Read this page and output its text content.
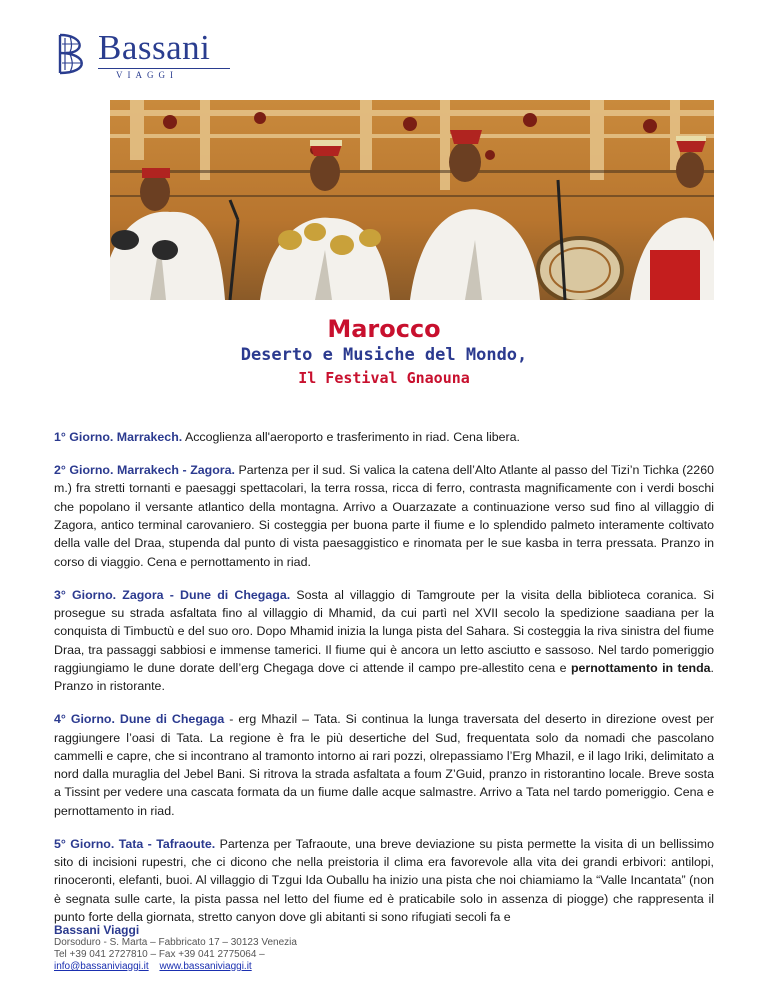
Bassani
VIAGGI
Marocco
Deserto e Musiche del Mondo,
Il Festival Gnaouna

1° Giorno. Marrakech. Accoglienza all'aeroporto e trasferimento in riad. Cena libera.

2° Giorno. Marrakech - Zagora. Partenza per il sud. Si valica la catena dell’Alto Atlante al passo del Tizi’n Tichka (2260 m.) fra stretti tornanti e paesaggi spettacolari, la terra rossa, ricca di ferro, contrasta magnificamente con i verdi boschi che popolano il versante atlantico della montagna. Arrivo a Ouarzazate a continuazione verso sud fino al villaggio di Zagora, antico terminal carovaniero. Si costeggia per buona parte il fiume e lo splendido palmeto interamente coltivato della valle del Draa, stupenda dal punto di vista paesaggistico e rinomata per le sue kasba in terra pressata. Pranzo in corso di viaggio. Cena e pernottamento in riad.

3° Giorno. Zagora - Dune di Chegaga. Sosta al villaggio di Tamgroute per la visita della biblioteca coranica. Si prosegue su strada asfaltata fino al villaggio di Mhamid, da cui partì nel XVII secolo la spedizione saadiana per la conquista di Timbuctù e del suo oro. Dopo Mhamid inizia la lunga pista del Sahara. Si costeggia la riva sinistra del fiume Draa, tra passaggi sabbiosi e immense tamerici. Il fiume qui è ancora un letto asciutto e sassoso. Nel tardo pomeriggio raggiungiamo le dune dorate dell’erg Chegaga dove ci attende il campo pre-allestito cena e pernottamento in tenda. Pranzo in ristorante.

4° Giorno. Dune di Chegaga - erg Mhazil – Tata. Si continua la lunga traversata del deserto in direzione ovest per raggiungere l’oasi di Tata. La regione è fra le più desertiche del Sud, frequentata solo da nomadi che pascolano cammelli e capre, che si incontrano al tramonto intorno ai rari pozzi, olrepassiamo l’Erg Mhazil, e il lago Iriki, delimitato a nord dalla muraglia del Jebel Bani. Si ritrova la strada asfaltata a foum Z’Guid, pranzo in ristorantino locale. Breve sosta a Tissint per vedere una cascata formata da un fiume dalle acque salmastre. Arrivo a Tata nel tardo pomeriggio. Cena e pernottamento in riad.

5° Giorno. Tata - Tafraoute. Partenza per Tafraoute, una breve deviazione su pista permette la visita di un bellissimo sito di incisioni rupestri, che ci dicono che nella preistoria il clima era favorevole alla vita dei grandi erbivori: antilopi, rinoceronti, elefanti, buoi. Al villaggio di Tzgui Ida Ouballu ha inizio una pista che noi chiamiamo la “Valle Incantata” (non è segnata sulle carte, la pista passa nel letto del fiume ed è praticabile solo in assenza di piogge) che rappresenta il punto forte della giornata, stretto canyon dove gli abitanti si sono rifugiati secoli fa e

Bassani Viaggi
Dorsoduro - S. Marta – Fabbricato 17 – 30123 Venezia
Tel +39 041 2727810 – Fax +39 041 2775064 –
info@bassaniviaggi.it www.bassaniviaggi.it
